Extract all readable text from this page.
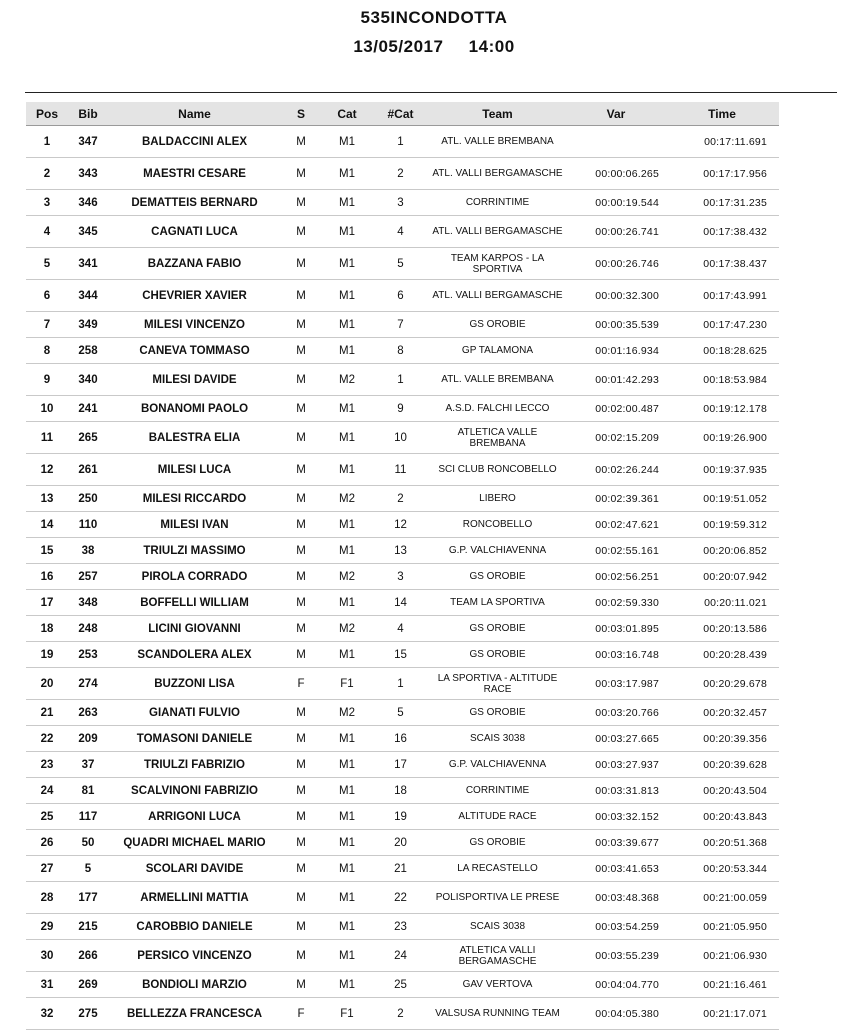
535INCONDOTTA
13/05/2017 14:00
Pos	Bib	Name	S	Cat	#Cat	Team	Var	Time
1	347	BALDACCINI ALEX	M	M1	1	ATL. VALLE BREMBANA		00:17:11.691
2	343	MAESTRI CESARE	M	M1	2	ATL. VALLI BERGAMASCHE	00:00:06.265	00:17:17.956
3	346	DEMATTEIS BERNARD	M	M1	3	CORRINTIME	00:00:19.544	00:17:31.235
4	345	CAGNATI LUCA	M	M1	4	ATL. VALLI BERGAMASCHE	00:00:26.741	00:17:38.432
5	341	BAZZANA FABIO	M	M1	5	TEAM KARPOS - LA SPORTIVA	00:00:26.746	00:17:38.437
6	344	CHEVRIER XAVIER	M	M1	6	ATL. VALLI BERGAMASCHE	00:00:32.300	00:17:43.991
7	349	MILESI VINCENZO	M	M1	7	GS OROBIE	00:00:35.539	00:17:47.230
8	258	CANEVA TOMMASO	M	M1	8	GP TALAMONA	00:01:16.934	00:18:28.625
9	340	MILESI DAVIDE	M	M2	1	ATL. VALLE BREMBANA	00:01:42.293	00:18:53.984
10	241	BONANOMI PAOLO	M	M1	9	A.S.D. FALCHI LECCO	00:02:00.487	00:19:12.178
11	265	BALESTRA ELIA	M	M1	10	ATLETICA VALLE BREMBANA	00:02:15.209	00:19:26.900
12	261	MILESI LUCA	M	M1	11	SCI CLUB RONCOBELLO	00:02:26.244	00:19:37.935
13	250	MILESI RICCARDO	M	M2	2	LIBERO	00:02:39.361	00:19:51.052
14	110	MILESI IVAN	M	M1	12	RONCOBELLO	00:02:47.621	00:19:59.312
15	38	TRIULZI MASSIMO	M	M1	13	G.P. VALCHIAVENNA	00:02:55.161	00:20:06.852
16	257	PIROLA CORRADO	M	M2	3	GS OROBIE	00:02:56.251	00:20:07.942
17	348	BOFFELLI WILLIAM	M	M1	14	TEAM LA SPORTIVA	00:02:59.330	00:20:11.021
18	248	LICINI GIOVANNI	M	M2	4	GS OROBIE	00:03:01.895	00:20:13.586
19	253	SCANDOLERA ALEX	M	M1	15	GS OROBIE	00:03:16.748	00:20:28.439
20	274	BUZZONI LISA	F	F1	1	LA SPORTIVA - ALTITUDE RACE	00:03:17.987	00:20:29.678
21	263	GIANATI FULVIO	M	M2	5	GS OROBIE	00:03:20.766	00:20:32.457
22	209	TOMASONI DANIELE	M	M1	16	SCAIS 3038	00:03:27.665	00:20:39.356
23	37	TRIULZI FABRIZIO	M	M1	17	G.P. VALCHIAVENNA	00:03:27.937	00:20:39.628
24	81	SCALVINONI FABRIZIO	M	M1	18	CORRINTIME	00:03:31.813	00:20:43.504
25	117	ARRIGONI LUCA	M	M1	19	ALTITUDE RACE	00:03:32.152	00:20:43.843
26	50	QUADRI MICHAEL MARIO	M	M1	20	GS OROBIE	00:03:39.677	00:20:51.368
27	5	SCOLARI DAVIDE	M	M1	21	LA RECASTELLO	00:03:41.653	00:20:53.344
28	177	ARMELLINI MATTIA	M	M1	22	POLISPORTIVA LE PRESE	00:03:48.368	00:21:00.059
29	215	CAROBBIO DANIELE	M	M1	23	SCAIS 3038	00:03:54.259	00:21:05.950
30	266	PERSICO VINCENZO	M	M1	24	ATLETICA VALLI BERGAMASCHE	00:03:55.239	00:21:06.930
31	269	BONDIOLI MARZIO	M	M1	25	GAV VERTOVA	00:04:04.770	00:21:16.461
32	275	BELLEZZA FRANCESCA	F	F1	2	VALSUSA RUNNING TEAM	00:04:05.380	00:21:17.071
